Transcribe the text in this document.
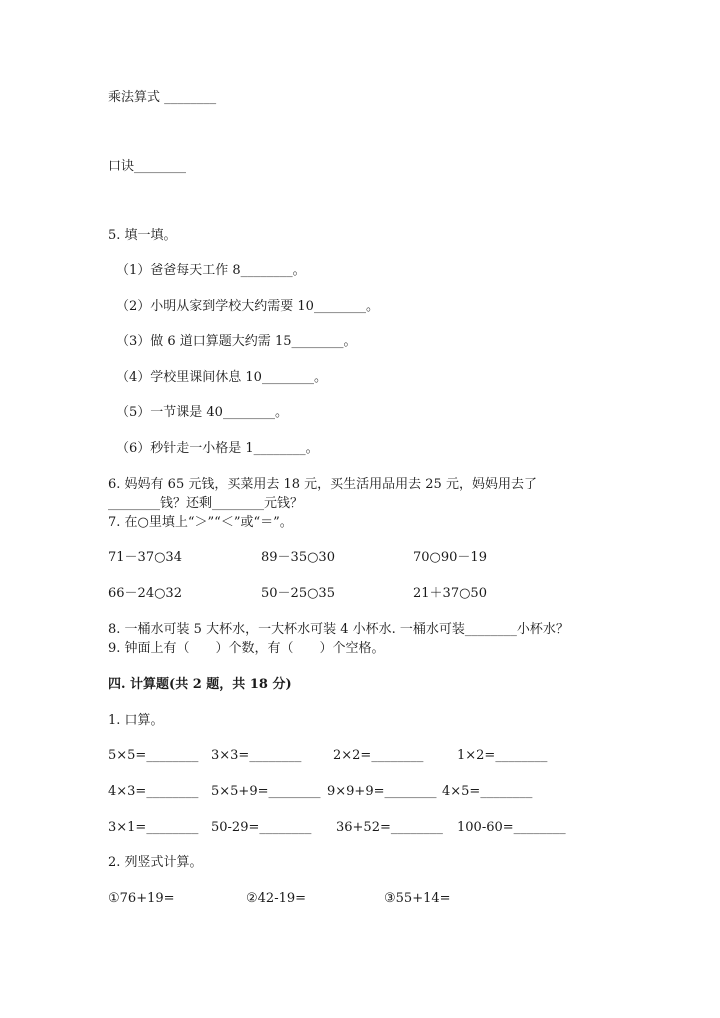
乘法算式 ________
口诀________
5. 填一填。
（1）爸爸每天工作 8________。
（2）小明从家到学校大约需要 10________。
（3）做 6 道口算题大约需 15________。
（4）学校里课间休息 10________。
（5）一节课是 40________。
（6）秒针走一小格是 1________。
6. 妈妈有 65 元钱，买菜用去 18 元，买生活用品用去 25 元，妈妈用去了
________钱？还剩________元钱？
7. 在○里填上“＞”“＜”或“＝”。
71－37○34	89－35○30	70○90－19
66－24○32	50－25○35	21＋37○50
8. 一桶水可装 5 大杯水，一大杯水可装 4 小杯水. 一桶水可装________小杯水？
9. 钟面上有（　　）个数，有（　　）个空格。
四. 计算题(共 2 题，共 18 分)
1. 口算。
5×5=________ 3×3=________ 2×2=________	1×2=________
4×3=________ 5×5+9=________ 9×9+9=________ 4×5=________
3×1=________ 50-29=________ 36+52=________ 100-60=________
2. 列竖式计算。
①76+19=	②42-19=	③55+14=
